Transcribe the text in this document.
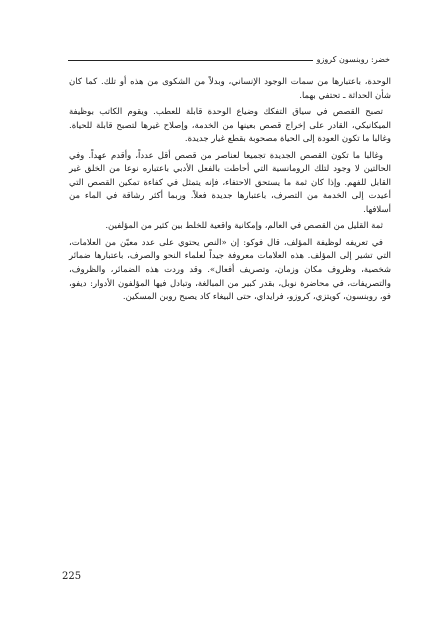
خضر: روبنسون كروزو

الوحدة، باعتبارها من سمات الوجود الإنساني، وبدلاً من الشكوى من هذه أو تلك. كما كان شأن الحداثة ـ تحتفي بهما.

تصبح القصص في سياق التفكك وضياع الوحدة قابلة للعطب. ويقوم الكاتب بوظيفة الميكانيكي، القادر على إخراج قصص بعينها من الخدمة، وإصلاح غيرها لتصبح قابلة للحياة. وغالبا ما تكون العودة إلى الحياة مصحوبة بقطع غيار جديدة.

وغالبا ما تكون القصص الجديدة تجميعا لعناصر من قصص أقل عدداً، وأقدم عهداً. وفي الحالتين لا وجود لتلك الرومانسية التي أحاطت بالفعل الأدبي باعتباره نوعا من الخلق غير القابل للفهم. وإذا كان ثمة ما يستحق الاحتفاء، فإنه يتمثل في كفاءة تمكين القصص التي أعيدت إلى الخدمة من التصرف، باعتبارها جديدة فعلاً. وربما أكثر رشاقة في الماء من أسلافها.

ثمة القليل من القصص في العالم، وإمكانية واقعية للخلط بين كثير من المؤلفين.

في تعريفه لوظيفة المؤلف، قال فوكو: إن «النص يحتوي على عدد معيّن من العلامات، التي تشير إلى المؤلف. هذه العلامات معروفة جيداً لعلماء النحو والصرف، باعتبارها ضمائر شخصية، وظروف مكان وزمان، وتصريف أفعال». وقد وردت هذه الضمائر، والظروف، والتصريفات، في محاضرة نوبل، بقدر كبير من المبالغة، وتبادل فيها المؤلفون الأدوار: ديفو، فو، روبنسون، كويتزي، كروزو، فرايداي، حتى البيغاء كاد يصبح روبن المسكين.

225
